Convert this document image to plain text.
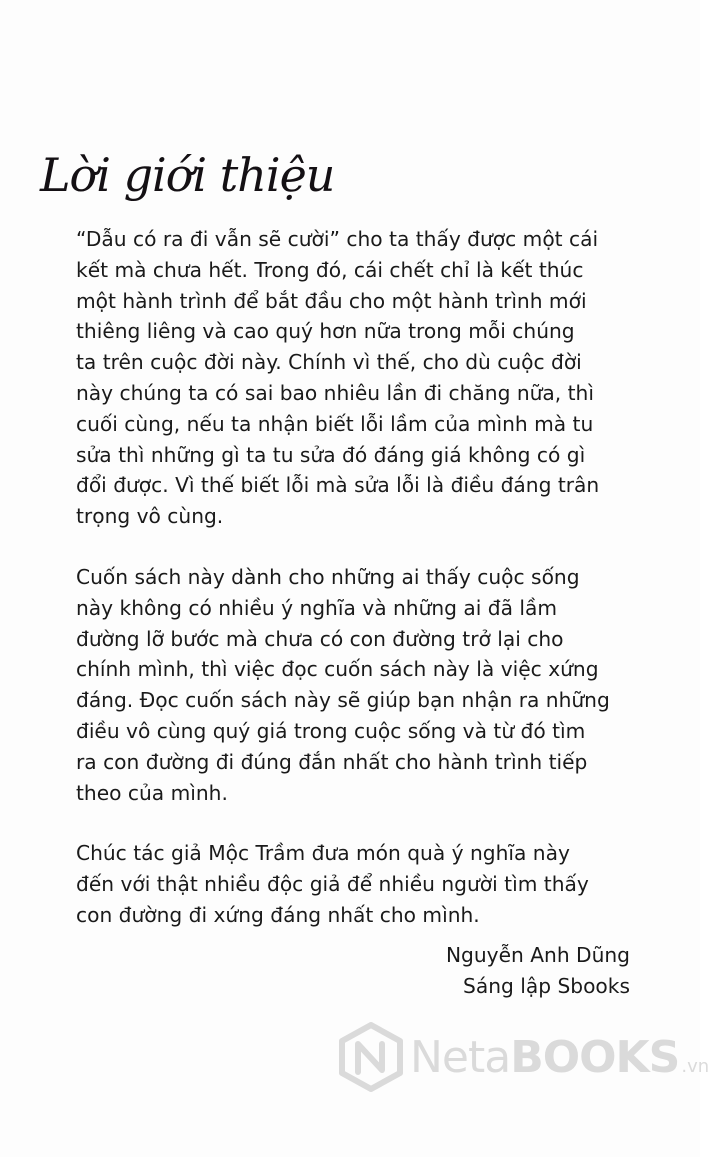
Lời giới thiệu

“Dẫu có ra đi vẫn sẽ cười” cho ta thấy được một cái
kết mà chưa hết. Trong đó, cái chết chỉ là kết thúc
một hành trình để bắt đầu cho một hành trình mới
thiêng liêng và cao quý hơn nữa trong mỗi chúng
ta trên cuộc đời này. Chính vì thế, cho dù cuộc đời
này chúng ta có sai bao nhiêu lần đi chăng nữa, thì
cuối cùng, nếu ta nhận biết lỗi lầm của mình mà tu
sửa thì những gì ta tu sửa đó đáng giá không có gì
đổi được. Vì thế biết lỗi mà sửa lỗi là điều đáng trân
trọng vô cùng.

Cuốn sách này dành cho những ai thấy cuộc sống
này không có nhiều ý nghĩa và những ai đã lầm
đường lỡ bước mà chưa có con đường trở lại cho
chính mình, thì việc đọc cuốn sách này là việc xứng
đáng. Đọc cuốn sách này sẽ giúp bạn nhận ra những
điều vô cùng quý giá trong cuộc sống và từ đó tìm
ra con đường đi đúng đắn nhất cho hành trình tiếp
theo của mình.

Chúc tác giả Mộc Trầm đưa món quà ý nghĩa này
đến với thật nhiều độc giả để nhiều người tìm thấy
con đường đi xứng đáng nhất cho mình.

Nguyễn Anh Dũng
Sáng lập Sbooks
NetaBOOKS .vn
